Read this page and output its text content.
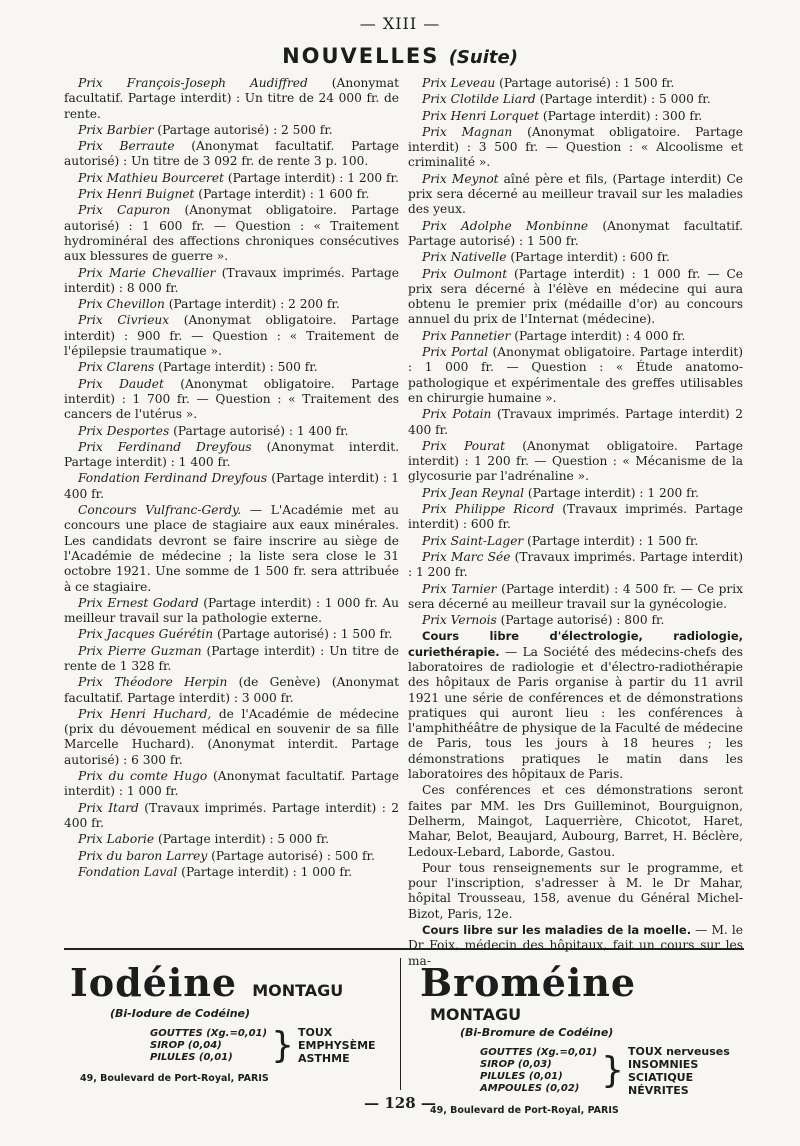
— XIII —
NOUVELLES (Suite)

Prix François-Joseph Audiffred (Anonymat facultatif. Partage interdit) : Un titre de 24 000 fr. de rente.

Prix Barbier (Partage autorisé) : 2 500 fr.

Prix Berraute (Anonymat facultatif. Partage autorisé) : Un titre de 3 092 fr. de rente 3 p. 100.

Prix Mathieu Bourceret (Partage interdit) : 1 200 fr.

Prix Henri Buignet (Partage interdit) : 1 600 fr.

Prix Capuron (Anonymat obligatoire. Partage autorisé) : 1 600 fr. — Question : « Traitement hydrominéral des affections chroniques consécutives aux blessures de guerre ».

Prix Marie Chevallier (Travaux imprimés. Partage interdit) : 8 000 fr.

Prix Chevillon (Partage interdit) : 2 200 fr.

Prix Civrieux (Anonymat obligatoire. Partage interdit) : 900 fr. — Question : « Traitement de l'épilepsie traumatique ».

Prix Clarens (Partage interdit) : 500 fr.

Prix Daudet (Anonymat obligatoire. Partage interdit) : 1 700 fr. — Question : « Traitement des cancers de l'utérus ».

Prix Desportes (Partage autorisé) : 1 400 fr.

Prix Ferdinand Dreyfous (Anonymat interdit. Partage interdit) : 1 400 fr.

Fondation Ferdinand Dreyfous (Partage interdit) : 1 400 fr.

Concours Vulfranc-Gerdy. — L'Académie met au concours une place de stagiaire aux eaux minérales. Les candidats devront se faire inscrire au siège de l'Académie de médecine ; la liste sera close le 31 octobre 1921. Une somme de 1 500 fr. sera attribuée à ce stagiaire.

Prix Ernest Godard (Partage interdit) : 1 000 fr. Au meilleur travail sur la pathologie externe.

Prix Jacques Guérétin (Partage autorisé) : 1 500 fr.

Prix Pierre Guzman (Partage interdit) : Un titre de rente de 1 328 fr.

Prix Théodore Herpin (de Genève) (Anonymat facultatif. Partage interdit) : 3 000 fr.

Prix Henri Huchard, de l'Académie de médecine (prix du dévouement médical en souvenir de sa fille Marcelle Huchard). (Anonymat interdit. Partage autorisé) : 6 300 fr.

Prix du comte Hugo (Anonymat facultatif. Partage interdit) : 1 000 fr.

Prix Itard (Travaux imprimés. Partage interdit) : 2 400 fr.

Prix Laborie (Partage interdit) : 5 000 fr.

Prix du baron Larrey (Partage autorisé) : 500 fr.

Fondation Laval (Partage interdit) : 1 000 fr.

Prix Leveau (Partage autorisé) : 1 500 fr.

Prix Clotilde Liard (Partage interdit) : 5 000 fr.

Prix Henri Lorquet (Partage interdit) : 300 fr.

Prix Magnan (Anonymat obligatoire. Partage interdit) : 3 500 fr. — Question : « Alcoolisme et criminalité ».

Prix Meynot aîné père et fils, (Partage interdit) Ce prix sera décerné au meilleur travail sur les maladies des yeux.

Prix Adolphe Monbinne (Anonymat facultatif. Partage autorisé) : 1 500 fr.

Prix Nativelle (Partage interdit) : 600 fr.

Prix Oulmont (Partage interdit) : 1 000 fr. — Ce prix sera décerné à l'élève en médecine qui aura obtenu le premier prix (médaille d'or) au concours annuel du prix de l'Internat (médecine).

Prix Pannetier (Partage interdit) : 4 000 fr.

Prix Portal (Anonymat obligatoire. Partage interdit) : 1 000 fr. — Question : « Étude anatomo-pathologique et expérimentale des greffes utilisables en chirurgie humaine ».

Prix Potain (Travaux imprimés. Partage interdit) 2 400 fr.

Prix Pourat (Anonymat obligatoire. Partage interdit) : 1 200 fr. — Question : « Mécanisme de la glycosurie par l'adrénaline ».

Prix Jean Reynal (Partage interdit) : 1 200 fr.

Prix Philippe Ricord (Travaux imprimés. Partage interdit) : 600 fr.

Prix Saint-Lager (Partage interdit) : 1 500 fr.

Prix Marc Sée (Travaux imprimés. Partage interdit) : 1 200 fr.

Prix Tarnier (Partage interdit) : 4 500 fr. — Ce prix sera décerné au meilleur travail sur la gynécologie.

Prix Vernois (Partage autorisé) : 800 fr.

Cours libre d'électrologie, radiologie, curiethérapie. — La Société des médecins-chefs des laboratoires de radiologie et d'électro-radiothérapie des hôpitaux de Paris organise à partir du 11 avril 1921 une série de conférences et de démonstrations pratiques qui auront lieu : les conférences à l'amphithéâtre de physique de la Faculté de médecine de Paris, tous les jours à 18 heures ; les démonstrations pratiques le matin dans les laboratoires des hôpitaux de Paris.

Ces conférences et ces démonstrations seront faites par MM. les Drs Guilleminot, Bourguignon, Delherm, Maingot, Laquerrière, Chicotot, Haret, Mahar, Belot, Beaujard, Aubourg, Barret, H. Béclère, Ledoux-Lebard, Laborde, Gastou.

Pour tous renseignements sur le programme, et pour l'inscription, s'adresser à M. le Dr Mahar, hôpital Trousseau, 158, avenue du Général Michel-Bizot, Paris, 12e.

Cours libre sur les maladies de la moelle. — M. le Dr Foix, médecin des hôpitaux, fait un cours sur les ma-

Iodéine MONTAGU
(Bi-Iodure de Codéine)
GOUTTES (Xg.=0,01)
SIROP (0,04)
PILULES (0,01)	} TOUX
EMPHYSÈME
ASTHME
49, Boulevard de Port-Royal, PARIS
Broméine MONTAGU
(Bi-Bromure de Codéine)
GOUTTES (Xg.=0,01)
SIROP (0,03)
PILULES (0,01)
AMPOULES (0,02) } TOUX nerveuses
INSOMNIES
SCIATIQUE
NÉVRITES
49, Boulevard de Port-Royal, PARIS
— 128 —
